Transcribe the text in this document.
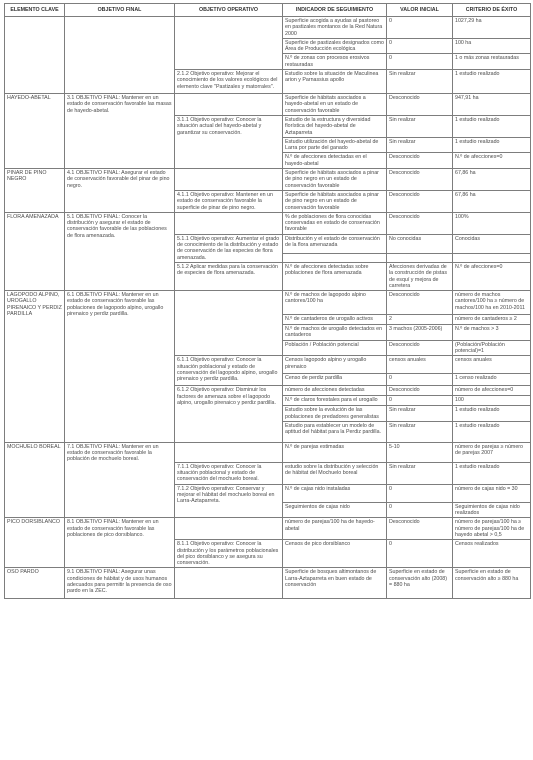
ELEMENTO CLAVE	OBJETIVO FINAL	OBJETIVO OPERATIVO	INDICADOR DE SEGUIMIENTO	VALOR INICIAL	CRITERIO DE ÉXITO
			Superficie acogida a ayudas al pastoreo en pastizales montanos de la Red Natura 2000	0	1027,29 ha
			Superficie de pastizales designados como Área de Producción ecológica	0	100 ha
			N.º de zonas con procesos erosivos restauradas	0	1 o más zonas restauradas
		2.1.2 Objetivo operativo: Mejorar el conocimiento de los valores ecológicos del elemento clave "Pastizales y matorrales".	Estudio sobre la situación de Maculinea arion y Parnassius apollo	Sin realizar	1 estudio realizado
HAYEDO-ABETAL	3.1 OBJETIVO FINAL: Mantener en un estado de conservación favorable las masas de hayedo-abetal.		Superficie de hábitats asociados a hayedo-abetal en un estado de conservación favorable	Desconocido	947,91 ha
		3.1.1 Objetivo operativo: Conocer la situación actual del hayedo-abetal y garantizar su conservación.	Estudio de la estructura y diversidad florística del hayedo-abetal de Aztaparreta	Sin realizar	1 estudio realizado
			Estudio utilización del hayedo-abetal de Larra por parte del ganado	Sin realizar	1 estudio realizado
			N.º de afecciones detectadas en el hayedo-abetal	Desconocido	N.º de afecciones=0
PINAR DE PINO NEGRO	4.1 OBJETIVO FINAL: Asegurar el estado de conservación favorable del pinar de pino negro.		Superficie de hábitats asociados a pinar de pino negro en un estado de conservación favorable	Desconocido	67,86 ha
		4.1.1 Objetivo operativo: Mantener en un estado de conservación favorable la superficie de pinar de pino negro.	Superficie de hábitats asociados a pinar de pino negro en un estado de conservación favorable	Desconocido	67,86 ha
FLORA AMENAZADA	5.1 OBJETIVO FINAL: Conocer la distribución y asegurar el estado de conservación favorable de las poblaciones de flora amenazada.		% de poblaciones de flora conocidas conservadas en estado de conservación favorable	Desconocido	100%
		5.1.1 Objetivo operativo: Aumentar el grado de conocimiento de la distribución y estado de conservación de las especies de flora amenazada.	Distribución y el estado de conservación de la flora amenazada	No conocidas	Conocidas

		5.1.2 Aplicar medidas para la conservación de especies de flora amenazada.	N.º de afecciones detectadas sobre poblaciones de flora amenazada	Afecciones derivadas de la construcción de pistas de esquí y mejora de carretera	N.º de afecciones=0
LAGOPODO ALPINO, UROGALLO PIRENAICO Y PERDIZ PARDILLA	6.1 OBJETIVO FINAL: Mantener en un estado de conservación favorable las poblaciones de lagopodo alpino, urogallo pirenaico y perdiz pardilla.		N.º de machos de lagopodo alpino cantores/100 ha	Desconocido	número de machos cantores/100 ha ≥ número de machos/100 ha en 2010-2011
			N.º de cantaderos de urogallo activos	2	número de cantaderos ≥ 2
			N.º de machos de urogallo detectados en cantaderos	3 machos (2005-2006)	N.º de machos > 3
			Población / Población potencial	Desconocido	(Población/Población potencial)=1
		6.1.1 Objetivo operativo: Conocer la situación poblacional y estado de conservación del lagopodo alpino, urogallo pirenaico y perdiz pardilla.	Censos lagopodo alpino y urogallo pirenaico	censos anuales	censos anuales
			Censo de perdiz pardilla	0	1 censo realizado
		6.1.2 Objetivo operativo: Disminuir los factores de amenaza sobre el lagopodo alpino, urogallo pirenaico y perdiz pardilla.	número de afecciones detectadas	Desconocido	número de afecciones=0
			N.º de claros forestales para el urogallo	0	100
			Estudio sobre la evolución de las poblaciones de predadores generalistas	Sin realizar	1 estudio realizado
			Estudio para establecer un modelo de aptitud del hábitat para la Perdiz pardilla.	Sin realizar	1 estudio realizado
MOCHUELO BOREAL	7.1 OBJETIVO FINAL: Mantener en un estado de conservación favorable la población de mochuelo boreal.		N.º de parejas estimadas	5-10	número de parejas ≥ número de parejas 2007
		7.1.1 Objetivo operativo: Conocer la situación poblacional y estado de conservación del mochuelo boreal.	estudio sobre la distribución y selección de hábitat del Mochuelo boreal	Sin realizar	1 estudio realizado
		7.1.2 Objetivo operativo: Conservar y mejorar el hábitat del mochuelo boreal en Larra-Aztaparreta.	N.º de cajas nido instaladas	0	número de cajas nido = 30
			Seguimientos de cajas nido	0	Seguimientos de cajas nido realizados
PICO DORSIBLANCO	8.1 OBJETIVO FINAL: Mantener en un estado de conservación favorable las poblaciones de pico dorsiblanco.		número de parejas/100 ha de hayedo-abetal	Desconocido	número de parejas/100 ha ≥ número de parejas/100 ha de hayedo abetal > 0,5
		8.1.1 Objetivo operativo: Conocer la distribución y los parámetros poblacionales del pico dorsiblanco y se asegura su conservación.	Censos de pico dorsiblanco	0	Censos realizados
OSO PARDO	9.1 OBJETIVO FINAL: Asegurar unas condiciones de hábitat y de usos humanos adecuados para permitir la presencia de oso pardo en la ZEC.		Superficie de bosques altimontanos de Larra-Aztaparreta en buen estado de conservación	Superficie en estado de conservación alto (2008) = 880 ha	Superficie en estado de conservación alto ≥ 880 ha
